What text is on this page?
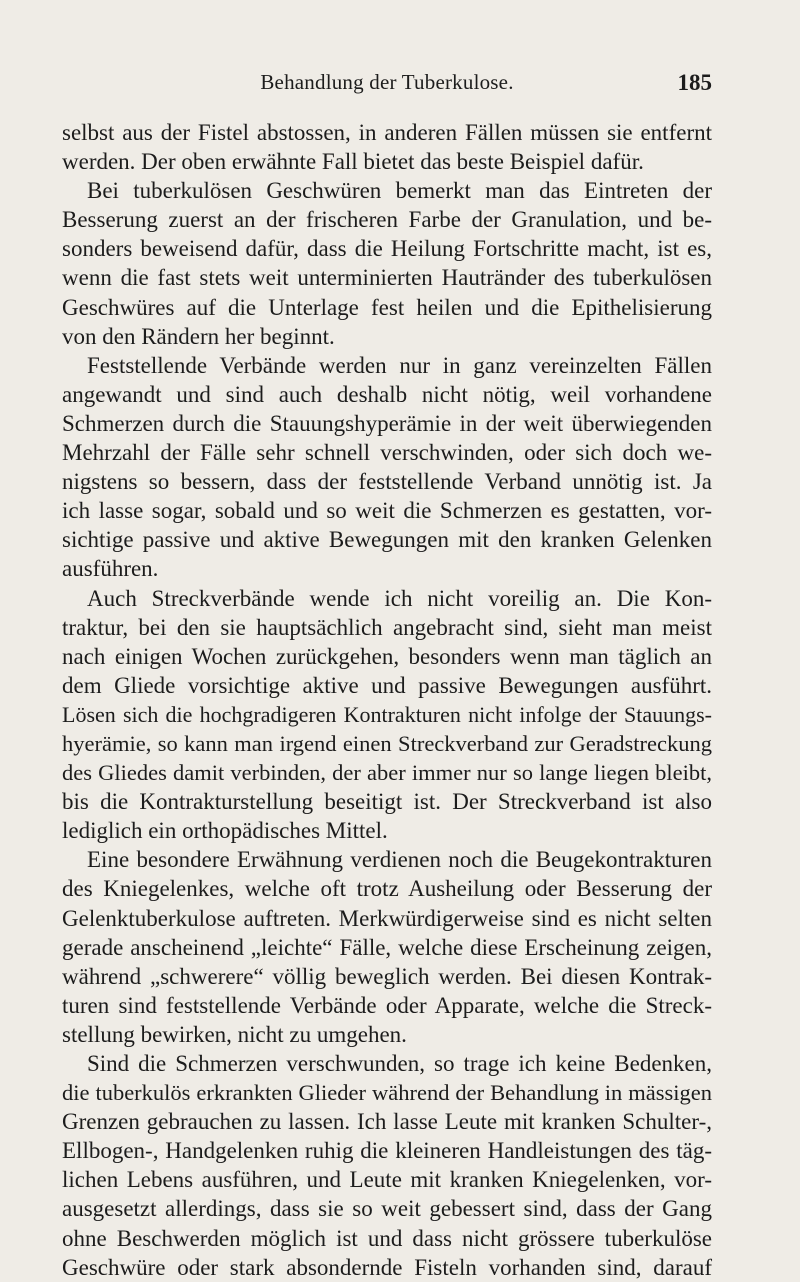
Behandlung der Tuberkulose.	185
selbst aus der Fistel abstossen, in anderen Fällen müssen sie entfernt
werden. Der oben erwähnte Fall bietet das beste Beispiel dafür.
Bei tuberkulösen Geschwüren bemerkt man das Eintreten der
Besserung zuerst an der frischeren Farbe der Granulation, und be-
sonders beweisend dafür, dass die Heilung Fortschritte macht, ist es,
wenn die fast stets weit unterminierten Hautränder des tuberkulösen
Geschwüres auf die Unterlage fest heilen und die Epithelisierung
von den Rändern her beginnt.
Feststellende Verbände werden nur in ganz vereinzelten Fällen
angewandt und sind auch deshalb nicht nötig, weil vorhandene
Schmerzen durch die Stauungshyperämie in der weit überwiegenden
Mehrzahl der Fälle sehr schnell verschwinden, oder sich doch we-
nigstens so bessern, dass der feststellende Verband unnötig ist. Ja
ich lasse sogar, sobald und so weit die Schmerzen es gestatten, vor-
sichtige passive und aktive Bewegungen mit den kranken Gelenken
ausführen.
Auch Streckverbände wende ich nicht voreilig an. Die Kon-
traktur, bei den sie hauptsächlich angebracht sind, sieht man meist
nach einigen Wochen zurückgehen, besonders wenn man täglich an
dem Gliede vorsichtige aktive und passive Bewegungen ausführt.
Lösen sich die hochgradigeren Kontrakturen nicht infolge der Stauungs-
hyerämie, so kann man irgend einen Streckverband zur Geradstreckung
des Gliedes damit verbinden, der aber immer nur so lange liegen bleibt,
bis die Kontrakturstellung beseitigt ist. Der Streckverband ist also
lediglich ein orthopädisches Mittel.
Eine besondere Erwähnung verdienen noch die Beugekontrakturen
des Kniegelenkes, welche oft trotz Ausheilung oder Besserung der
Gelenktuberkulose auftreten. Merkwürdigerweise sind es nicht selten
gerade anscheinend „leichte“ Fälle, welche diese Erscheinung zeigen,
während „schwerere“ völlig beweglich werden. Bei diesen Kontrak-
turen sind feststellende Verbände oder Apparate, welche die Streck-
stellung bewirken, nicht zu umgehen.
Sind die Schmerzen verschwunden, so trage ich keine Bedenken,
die tuberkulös erkrankten Glieder während der Behandlung in mässigen
Grenzen gebrauchen zu lassen. Ich lasse Leute mit kranken Schulter-,
Ellbogen-, Handgelenken ruhig die kleineren Handleistungen des täg-
lichen Lebens ausführen, und Leute mit kranken Kniegelenken, vor-
ausgesetzt allerdings, dass sie so weit gebessert sind, dass der Gang
ohne Beschwerden möglich ist und dass nicht grössere tuberkulöse
Geschwüre oder stark absondernde Fisteln vorhanden sind, darauf
